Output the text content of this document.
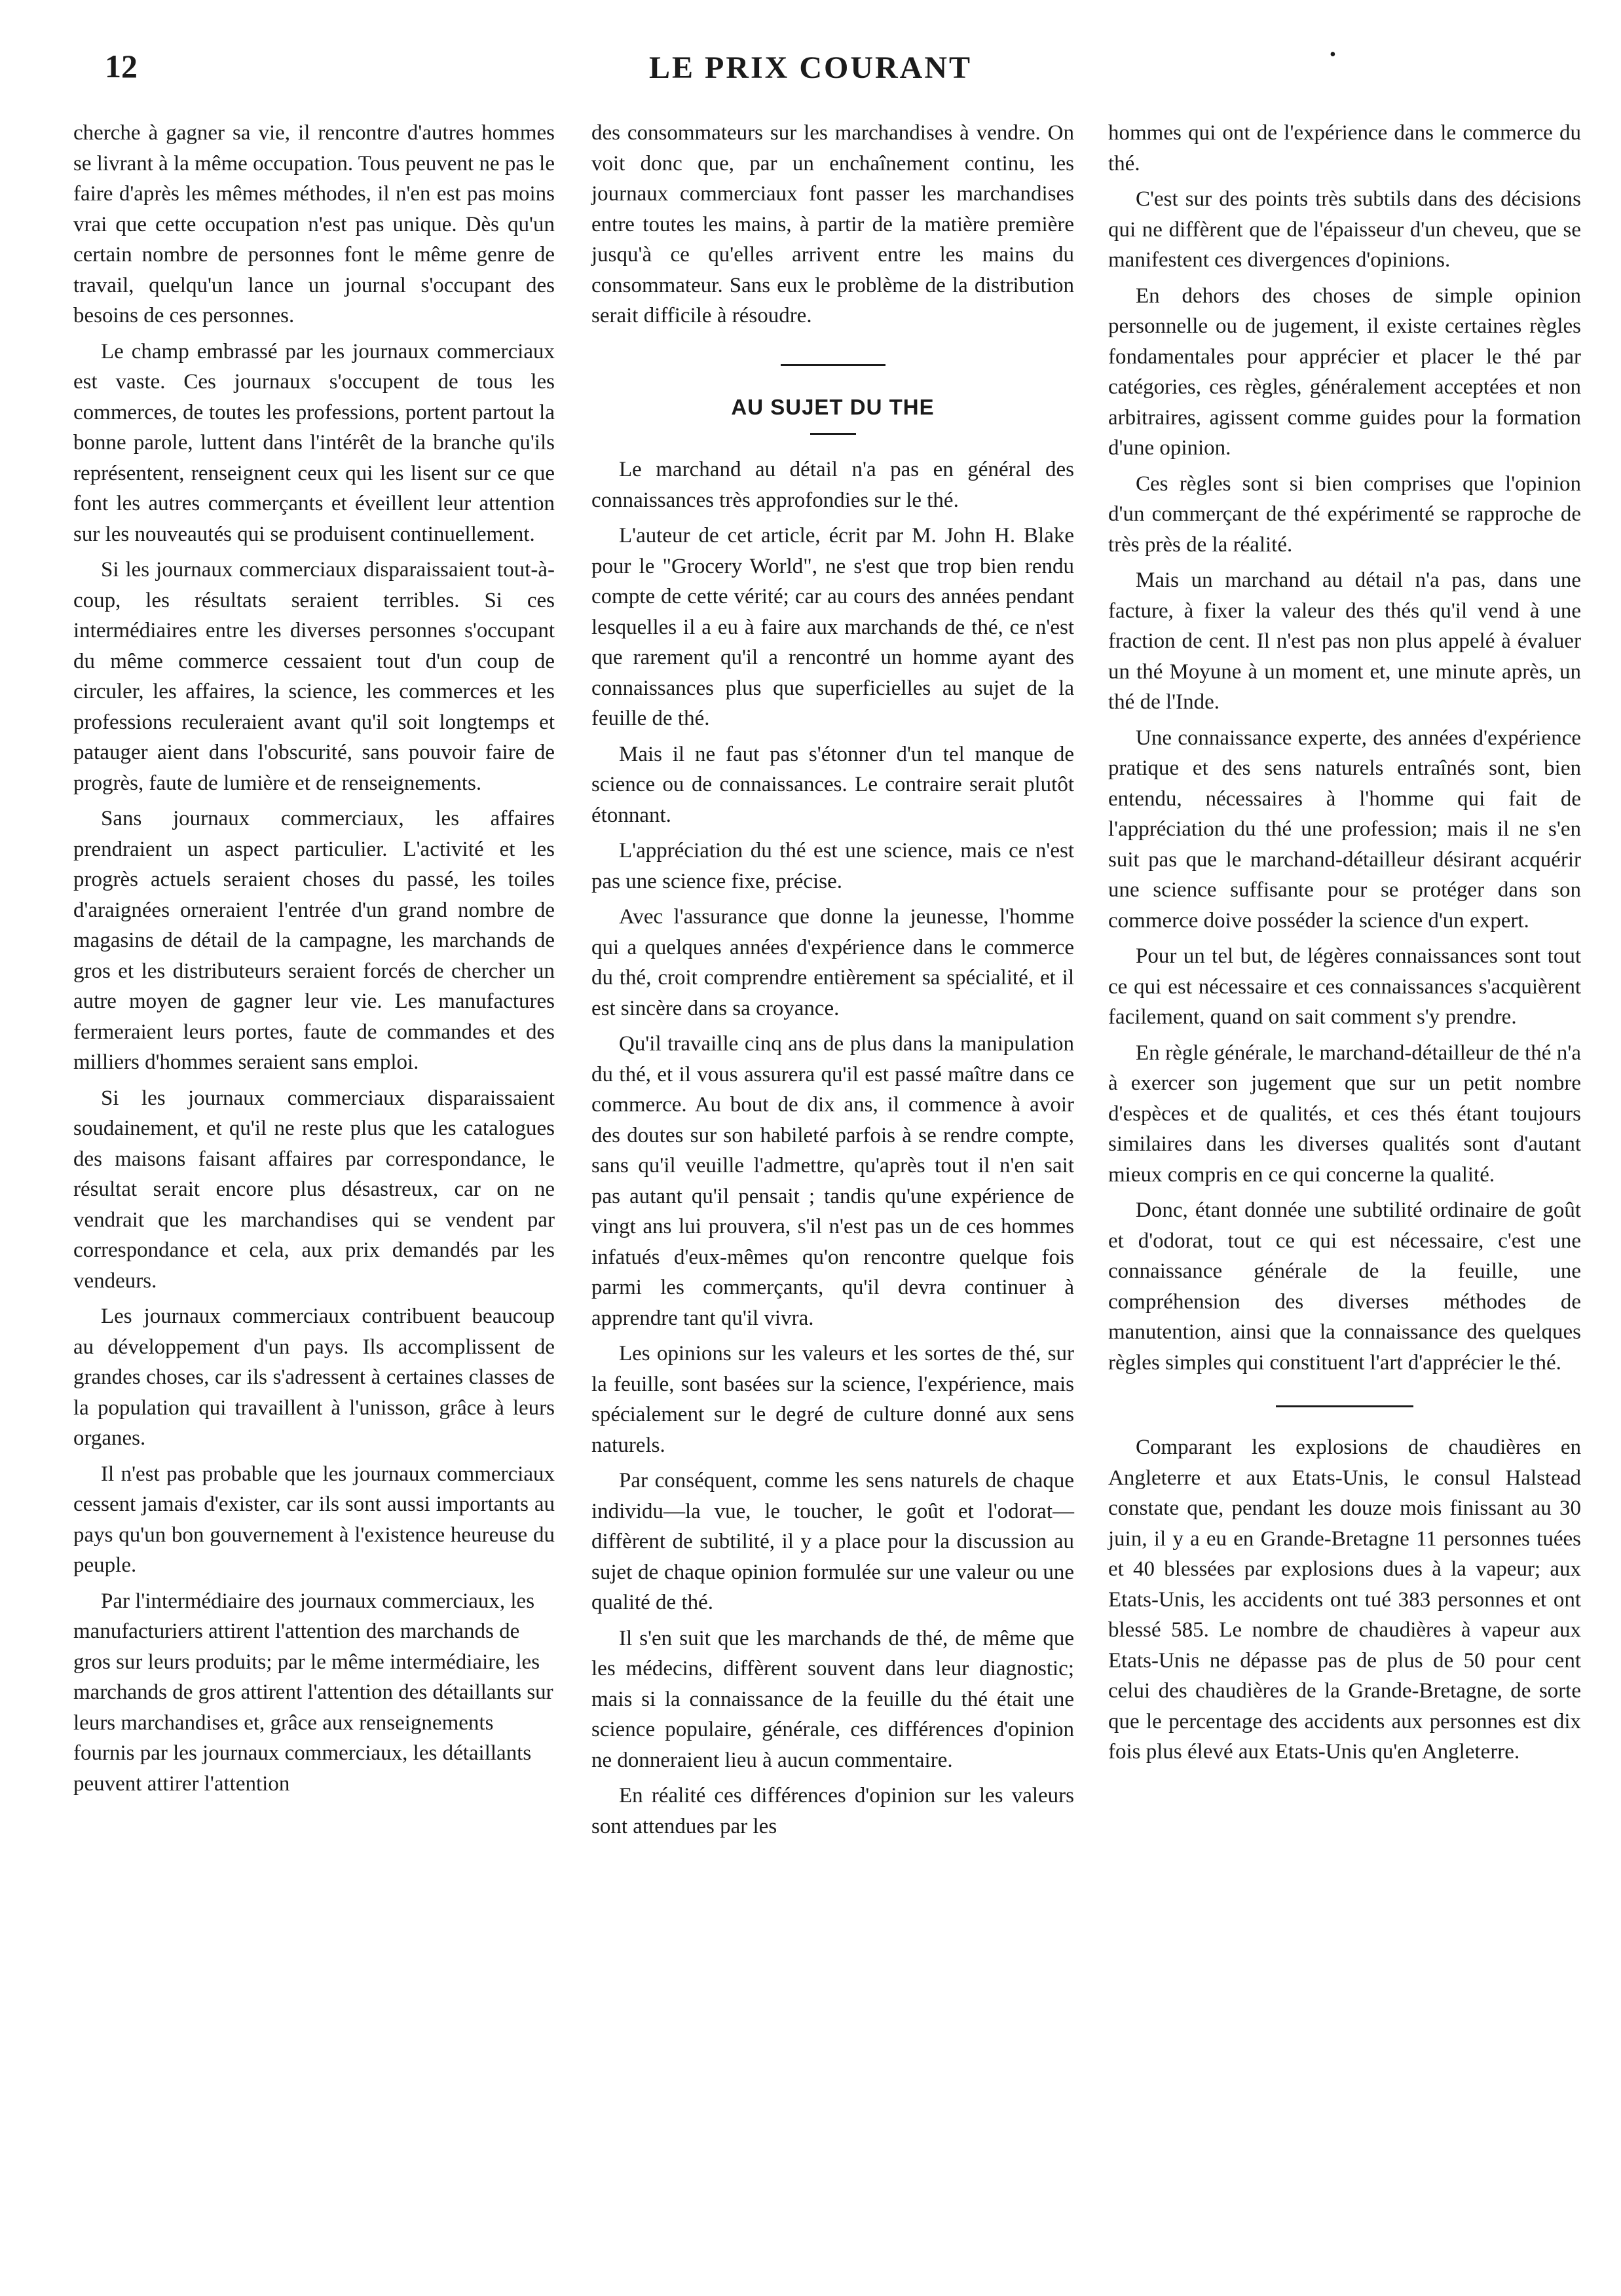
12	LE PRIX COURANT	•

cherche à gagner sa vie, il rencontre d'autres hommes se livrant à la même occupation. Tous peuvent ne pas le faire d'après les mêmes méthodes, il n'en est pas moins vrai que cette occupation n'est pas unique. Dès qu'un certain nombre de personnes font le même genre de travail, quelqu'un lance un journal s'occupant des besoins de ces personnes.

Le champ embrassé par les journaux commerciaux est vaste. Ces journaux s'occupent de tous les commerces, de toutes les professions, portent partout la bonne parole, luttent dans l'intérêt de la branche qu'ils représentent, renseignent ceux qui les lisent sur ce que font les autres commerçants et éveillent leur attention sur les nouveautés qui se produisent continuellement.

Si les journaux commerciaux disparaissaient tout-à-coup, les résultats seraient terribles. Si ces intermédiaires entre les diverses personnes s'occupant du même commerce cessaient tout d'un coup de circuler, les affaires, la science, les commerces et les professions reculeraient avant qu'il soit longtemps et patauger aient dans l'obscurité, sans pouvoir faire de progrès, faute de lumière et de renseignements.

Sans journaux commerciaux, les affaires prendraient un aspect particulier. L'activité et les progrès actuels seraient choses du passé, les toiles d'araignées orneraient l'entrée d'un grand nombre de magasins de détail de la campagne, les marchands de gros et les distributeurs seraient forcés de chercher un autre moyen de gagner leur vie. Les manufactures fermeraient leurs portes, faute de commandes et des milliers d'hommes seraient sans emploi.

Si les journaux commerciaux disparaissaient soudainement, et qu'il ne reste plus que les catalogues des maisons faisant affaires par correspondance, le résultat serait encore plus désastreux, car on ne vendrait que les marchandises qui se vendent par correspondance et cela, aux prix demandés par les vendeurs.

Les journaux commerciaux contribuent beaucoup au développement d'un pays. Ils accomplissent de grandes choses, car ils s'adressent à certaines classes de la population qui travaillent à l'unisson, grâce à leurs organes.

Il n'est pas probable que les journaux commerciaux cessent jamais d'exister, car ils sont aussi importants au pays qu'un bon gouvernement à l'existence heureuse du peuple.

Par l'intermédiaire des journaux commerciaux, les manufacturiers attirent l'attention des marchands de gros sur leurs produits; par le même intermédiaire, les marchands de gros attirent l'attention des détaillants sur leurs marchandises et, grâce aux renseignements fournis par les journaux commerciaux, les détaillants peuvent attirer l'attention

des consommateurs sur les marchandises à vendre. On voit donc que, par un enchaînement continu, les journaux commerciaux font passer les marchandises entre toutes les mains, à partir de la matière première jusqu'à ce qu'elles arrivent entre les mains du consommateur. Sans eux le problème de la distribution serait difficile à résoudre.

AU SUJET DU THE

Le marchand au détail n'a pas en général des connaissances très approfondies sur le thé.

L'auteur de cet article, écrit par M. John H. Blake pour le "Grocery World", ne s'est que trop bien rendu compte de cette vérité; car au cours des années pendant lesquelles il a eu à faire aux marchands de thé, ce n'est que rarement qu'il a rencontré un homme ayant des connaissances plus que superficielles au sujet de la feuille de thé.

Mais il ne faut pas s'étonner d'un tel manque de science ou de connaissances. Le contraire serait plutôt étonnant.

L'appréciation du thé est une science, mais ce n'est pas une science fixe, précise.

Avec l'assurance que donne la jeunesse, l'homme qui a quelques années d'expérience dans le commerce du thé, croit comprendre entièrement sa spécialité, et il est sincère dans sa croyance.

Qu'il travaille cinq ans de plus dans la manipulation du thé, et il vous assurera qu'il est passé maître dans ce commerce. Au bout de dix ans, il commence à avoir des doutes sur son habileté parfois à se rendre compte, sans qu'il veuille l'admettre, qu'après tout il n'en sait pas autant qu'il pensait ; tandis qu'une expérience de vingt ans lui prouvera, s'il n'est pas un de ces hommes infatués d'eux-mêmes qu'on rencontre quelque fois parmi les commerçants, qu'il devra continuer à apprendre tant qu'il vivra.

Les opinions sur les valeurs et les sortes de thé, sur la feuille, sont basées sur la science, l'expérience, mais spécialement sur le degré de culture donné aux sens naturels.

Par conséquent, comme les sens naturels de chaque individu—la vue, le toucher, le goût et l'odorat—diffèrent de subtilité, il y a place pour la discussion au sujet de chaque opinion formulée sur une valeur ou une qualité de thé.

Il s'en suit que les marchands de thé, de même que les médecins, diffèrent souvent dans leur diagnostic; mais si la connaissance de la feuille du thé était une science populaire, générale, ces différences d'opinion ne donneraient lieu à aucun commentaire.

En réalité ces différences d'opinion sur les valeurs sont attendues par les

hommes qui ont de l'expérience dans le commerce du thé.

C'est sur des points très subtils dans des décisions qui ne diffèrent que de l'épaisseur d'un cheveu, que se manifestent ces divergences d'opinions.

En dehors des choses de simple opinion personnelle ou de jugement, il existe certaines règles fondamentales pour apprécier et placer le thé par catégories, ces règles, généralement acceptées et non arbitraires, agissent comme guides pour la formation d'une opinion.

Ces règles sont si bien comprises que l'opinion d'un commerçant de thé expérimenté se rapproche de très près de la réalité.

Mais un marchand au détail n'a pas, dans une facture, à fixer la valeur des thés qu'il vend à une fraction de cent. Il n'est pas non plus appelé à évaluer un thé Moyune à un moment et, une minute après, un thé de l'Inde.

Une connaissance experte, des années d'expérience pratique et des sens naturels entraînés sont, bien entendu, nécessaires à l'homme qui fait de l'appréciation du thé une profession; mais il ne s'en suit pas que le marchand-détailleur désirant acquérir une science suffisante pour se protéger dans son commerce doive posséder la science d'un expert.

Pour un tel but, de légères connaissances sont tout ce qui est nécessaire et ces connaissances s'acquièrent facilement, quand on sait comment s'y prendre.

En règle générale, le marchand-détailleur de thé n'a à exercer son jugement que sur un petit nombre d'espèces et de qualités, et ces thés étant toujours similaires dans les diverses qualités sont d'autant mieux compris en ce qui concerne la qualité.

Donc, étant donnée une subtilité ordinaire de goût et d'odorat, tout ce qui est nécessaire, c'est une connaissance générale de la feuille, une compréhension des diverses méthodes de manutention, ainsi que la connaissance des quelques règles simples qui constituent l'art d'apprécier le thé.

Comparant les explosions de chaudières en Angleterre et aux Etats-Unis, le consul Halstead constate que, pendant les douze mois finissant au 30 juin, il y a eu en Grande-Bretagne 11 personnes tuées et 40 blessées par explosions dues à la vapeur; aux Etats-Unis, les accidents ont tué 383 personnes et ont blessé 585. Le nombre de chaudières à vapeur aux Etats-Unis ne dépasse pas de plus de 50 pour cent celui des chaudières de la Grande-Bretagne, de sorte que le percentage des accidents aux personnes est dix fois plus élevé aux Etats-Unis qu'en Angleterre.
